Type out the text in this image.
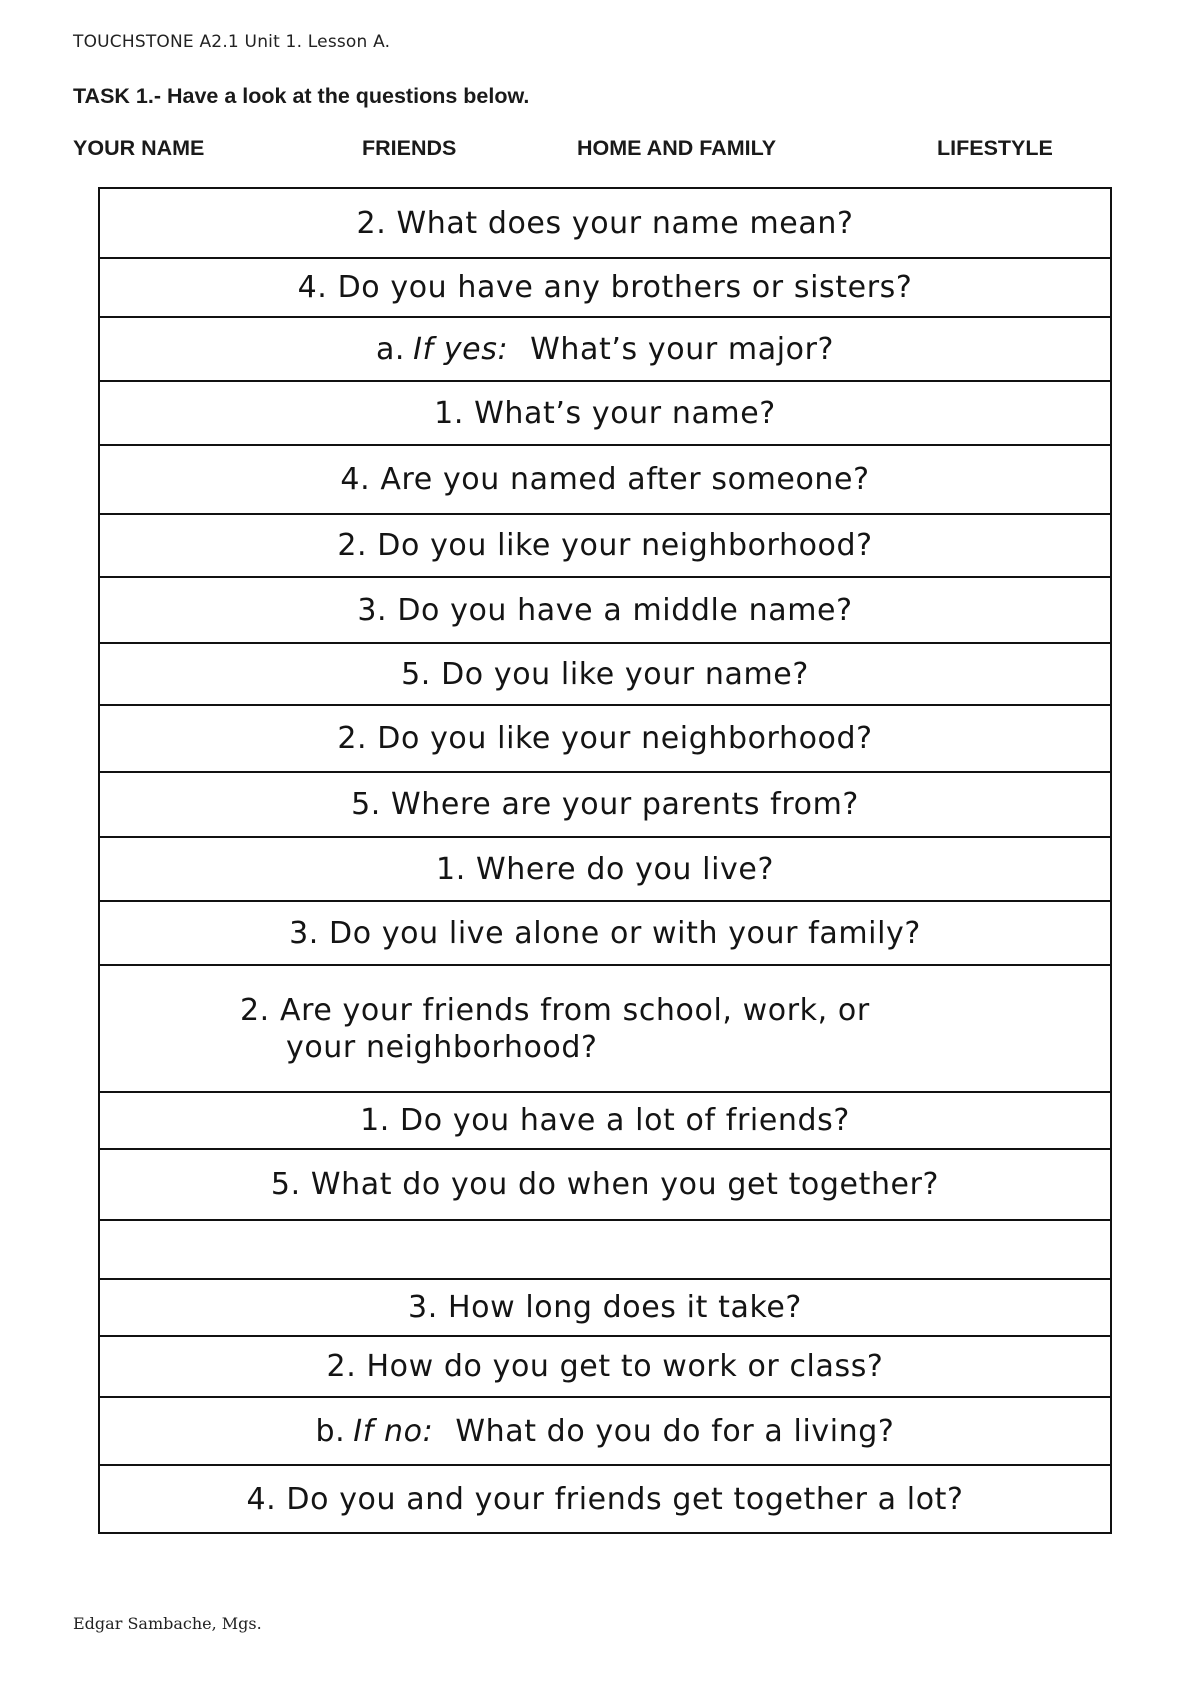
TOUCHSTONE A2.1 Unit 1. Lesson A.
TASK 1.- Have a look at the questions below.
YOUR NAME	FRIENDS	HOME AND FAMILY	LIFESTYLE
2. What does your name mean?
4. Do you have any brothers or sisters?
a. If yes: What’s your major?
1. What’s your name?
4. Are you named after someone?
2. Do you like your neighborhood?
3. Do you have a middle name?
5. Do you like your name?
2. Do you like your neighborhood?
5. Where are your parents from?
1. Where do you live?
3. Do you live alone or with your family?
2. Are your friends from school, work, or
your neighborhood?
1. Do you have a lot of friends?
5. What do you do when you get together?
3. How long does it take?
2. How do you get to work or class?
b. If no: What do you do for a living?
4. Do you and your friends get together a lot?
Edgar Sambache, Mgs.
